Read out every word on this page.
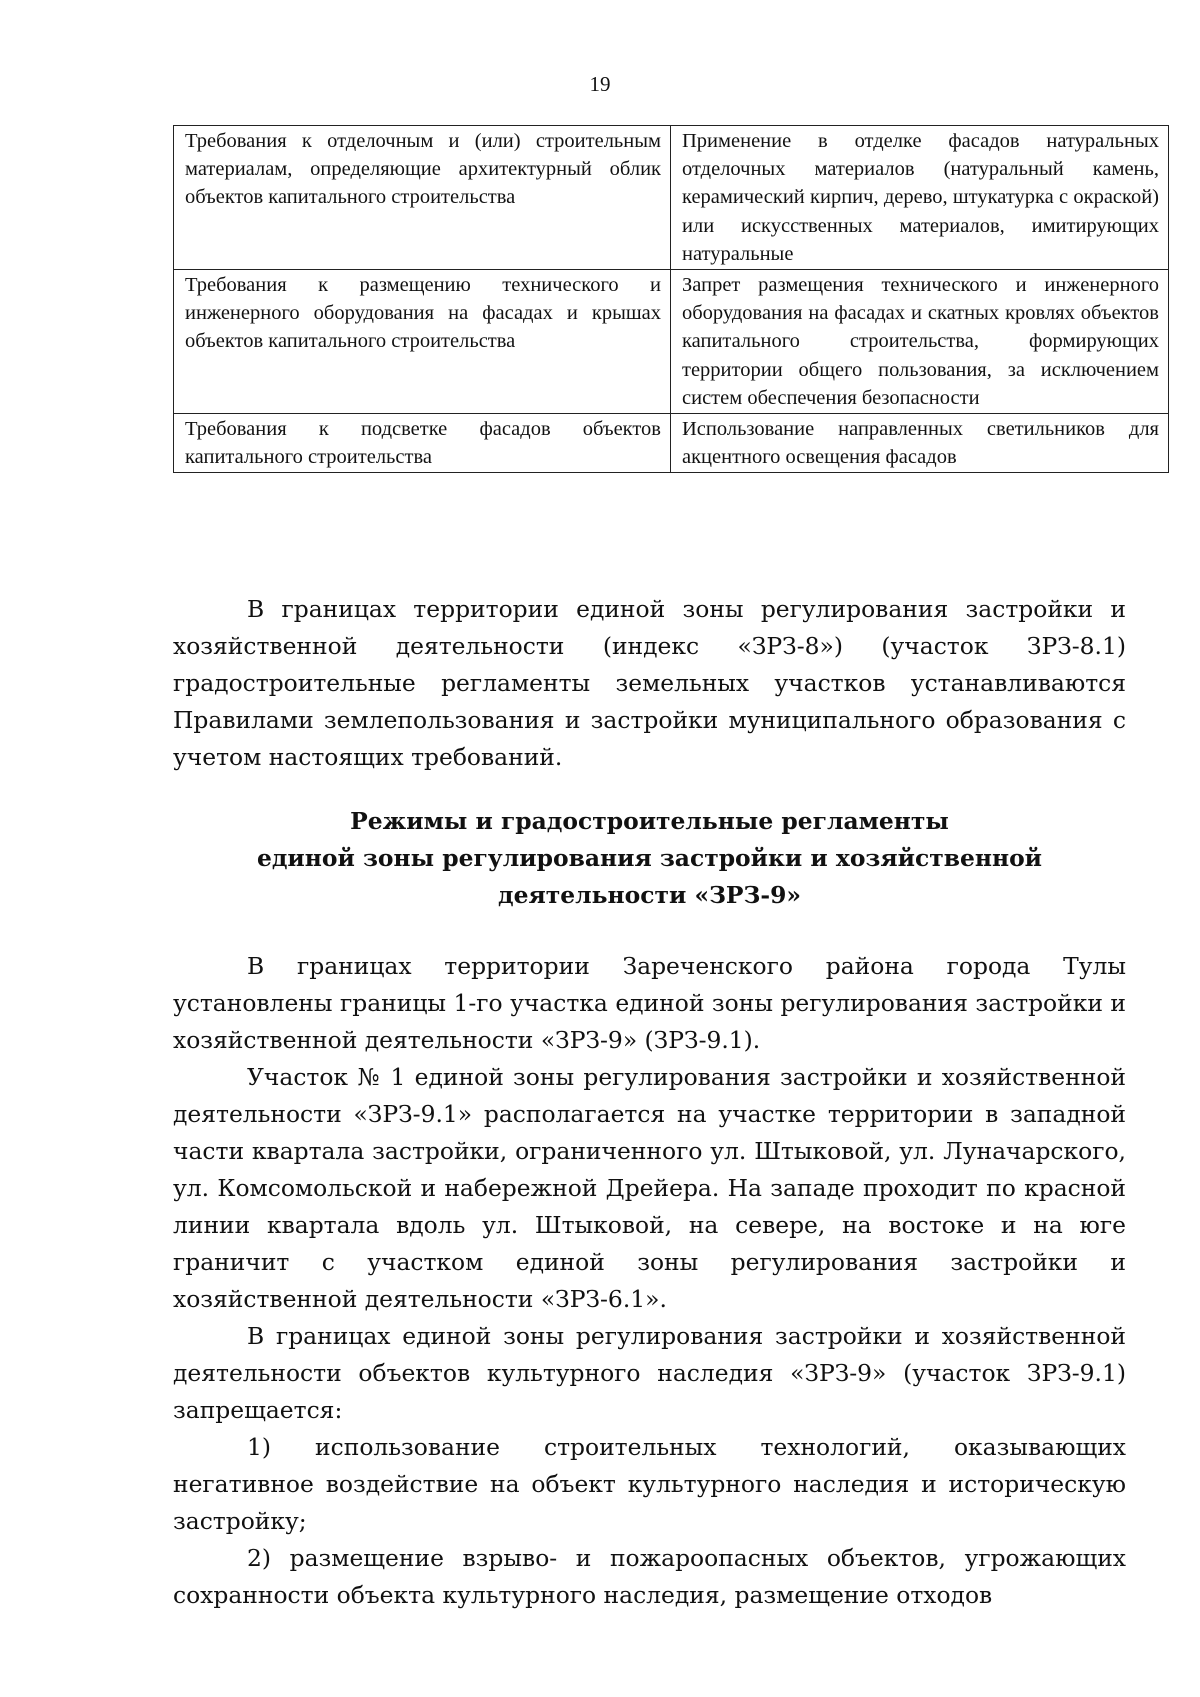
19
Требования к отделочным и (или) строительным материалам, определяющие архитектурный облик объектов капитального строительства	Применение в отделке фасадов натуральных отделочных материалов (натуральный камень, керамический кирпич, дерево, штукатурка с окраской) или искусственных материалов, имитирующих натуральные
Требования к размещению технического и инженерного оборудования на фасадах и крышах объектов капитального строительства	Запрет размещения технического и инженерного оборудования на фасадах и скатных кровлях объектов капитального строительства, формирующих территории общего пользования, за исключением систем обеспечения безопасности
Требования к подсветке фасадов объектов капитального строительства	Использование направленных светильников для акцентного освещения фасадов

В границах территории единой зоны регулирования застройки и хозяйственной деятельности (индекс «ЗРЗ-8») (участок ЗРЗ-8.1) градостроительные регламенты земельных участков устанавливаются Правилами землепользования и застройки муниципального образования с учетом настоящих требований.

Режимы и градостроительные регламенты
единой зоны регулирования застройки и хозяйственной
деятельности «ЗРЗ-9»

В границах территории Зареченского района города Тулы установлены границы 1-го участка единой зоны регулирования застройки и хозяйственной деятельности «ЗРЗ-9» (ЗРЗ-9.1).

Участок № 1 единой зоны регулирования застройки и хозяйственной деятельности «ЗРЗ-9.1» располагается на участке территории в западной части квартала застройки, ограниченного ул. Штыковой, ул. Луначарского, ул. Комсомольской и набережной Дрейера. На западе проходит по красной линии квартала вдоль ул. Штыковой, на севере, на востоке и на юге граничит с участком единой зоны регулирования застройки и хозяйственной деятельности «ЗРЗ-6.1».

В границах единой зоны регулирования застройки и хозяйственной деятельности объектов культурного наследия «ЗРЗ-9» (участок ЗРЗ-9.1) запрещается:

1) использование строительных технологий, оказывающих негативное воздействие на объект культурного наследия и историческую застройку;

2) размещение взрыво- и пожароопасных объектов, угрожающих сохранности объекта культурного наследия, размещение отходов
